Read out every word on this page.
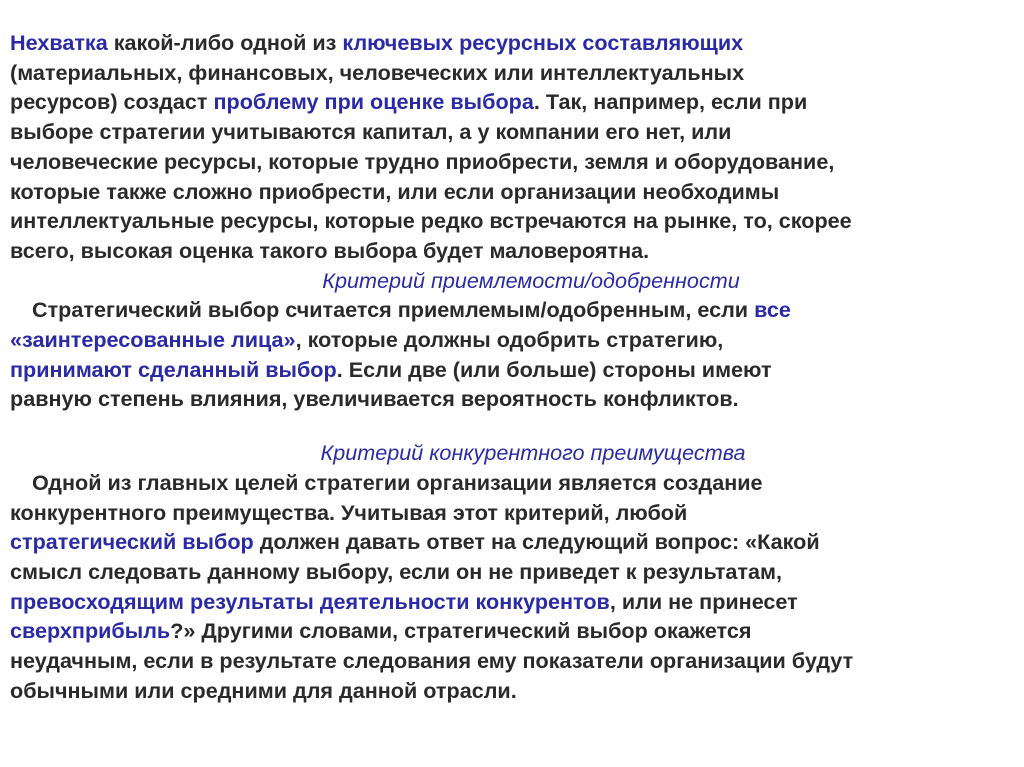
Нехватка какой-либо одной из ключевых ресурсных составляющих
(материальных, финансовых, человеческих или интеллектуальных
ресурсов) создаст проблему при оценке выбора. Так, например, если при
выборе стратегии учитываются капитал, а у компании его нет, или
человеческие ресурсы, которые трудно приобрести, земля и оборудование,
которые также сложно приобрести, или если организации необходимы
интеллектуальные ресурсы, которые редко встречаются на рынке, то, скорее
всего, высокая оценка такого выбора будет маловероятна.
Критерий приемлемости/одобренности
Стратегический выбор считается приемлемым/одобренным, если все
«заинтересованные лица», которые должны одобрить стратегию,
принимают сделанный выбор. Если две (или больше) стороны имеют
равную степень влияния, увеличивается вероятность конфликтов.
Критерий конкурентного преимущества
Одной из главных целей стратегии организации является создание
конкурентного преимущества. Учитывая этот критерий, любой
стратегический выбор должен давать ответ на следующий вопрос: «Какой
смысл следовать данному выбору, если он не приведет к результатам,
превосходящим результаты деятельности конкурентов, или не принесет
сверхприбыль?» Другими словами, стратегический выбор окажется
неудачным, если в результате следования ему показатели организации будут
обычными или средними для данной отрасли.
